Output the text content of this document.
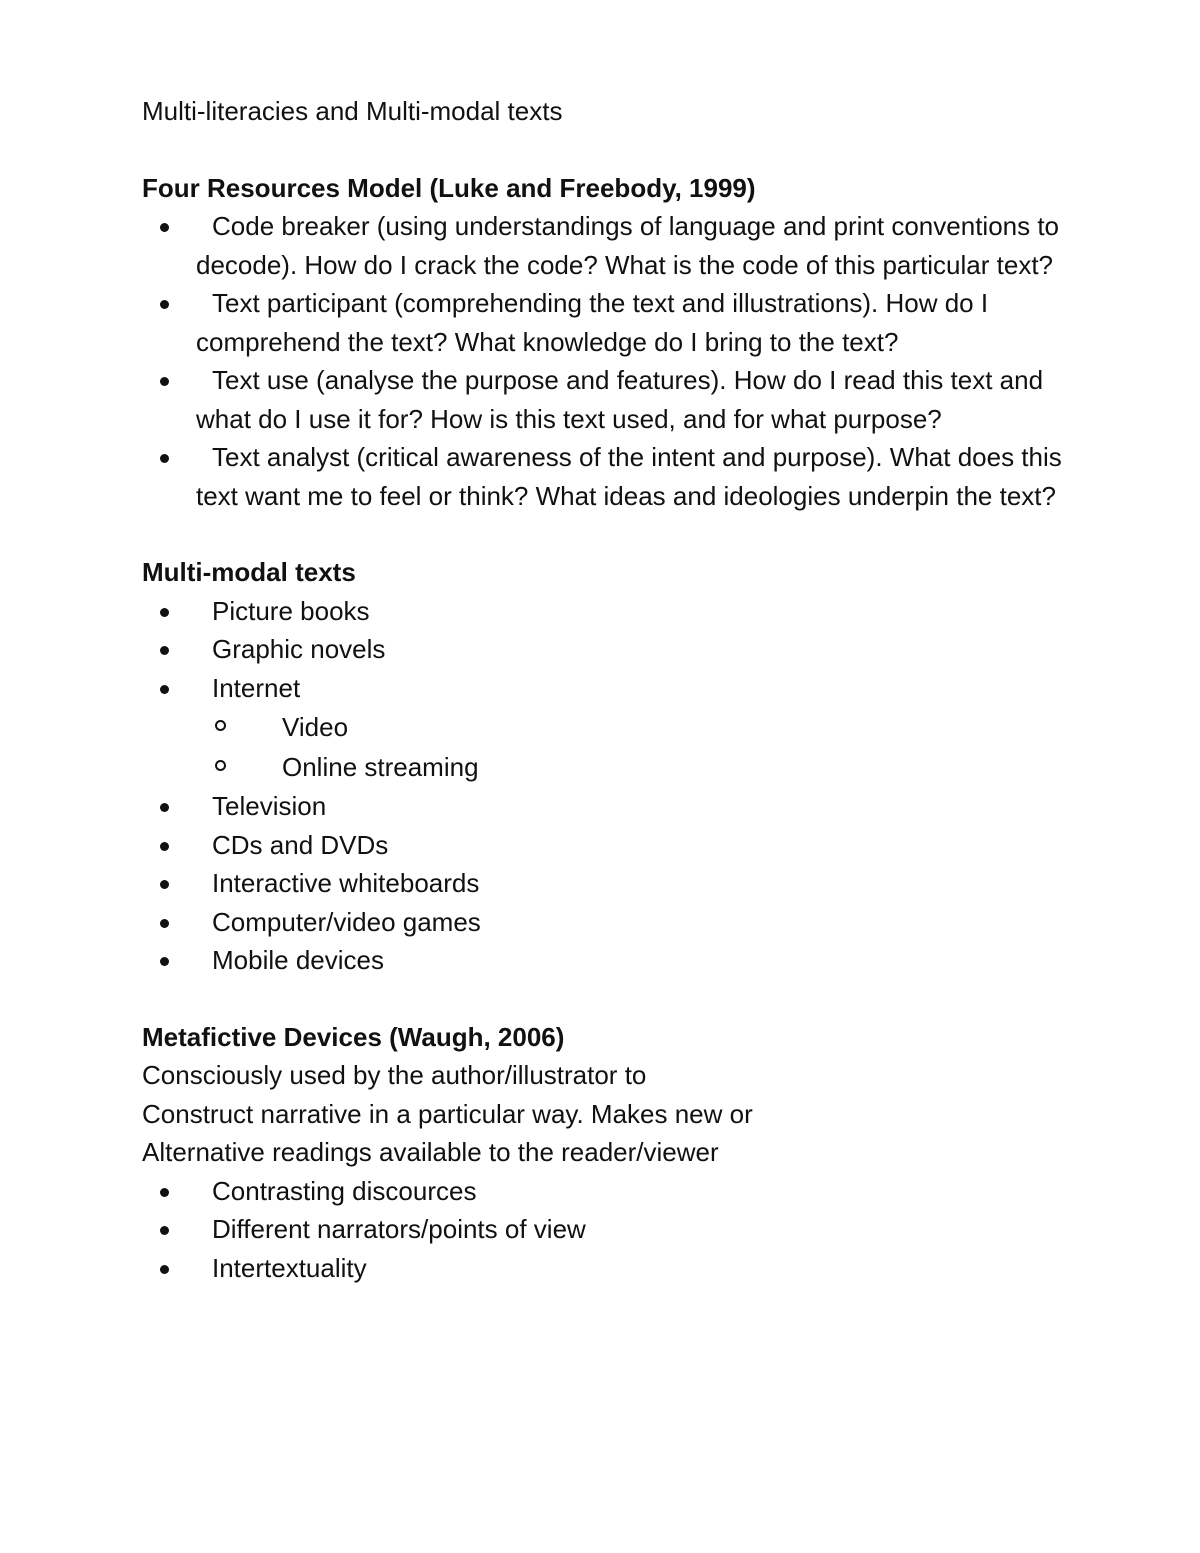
Multi-literacies and Multi-modal texts

Four Resources Model (Luke and Freebody, 1999)

Code breaker (using understandings of language and print conventions to decode). How do I crack the code? What is the code of this particular text?
Text participant (comprehending the text and illustrations). How do I comprehend the text? What knowledge do I bring to the text?
Text use (analyse the purpose and features). How do I read this text and what do I use it for? How is this text used, and for what purpose?
Text analyst (critical awareness of the intent and purpose). What does this text want me to feel or think? What ideas and ideologies underpin the text?

Multi-modal texts

Picture books
Graphic novels
Internet
Video
Online streaming
Television
CDs and DVDs
Interactive whiteboards
Computer/video games
Mobile devices

Metafictive Devices (Waugh, 2006)

Consciously used by the author/illustrator to

Construct narrative in a particular way. Makes new or

Alternative readings available to the reader/viewer

Contrasting discources
Different narrators/points of view
Intertextuality
